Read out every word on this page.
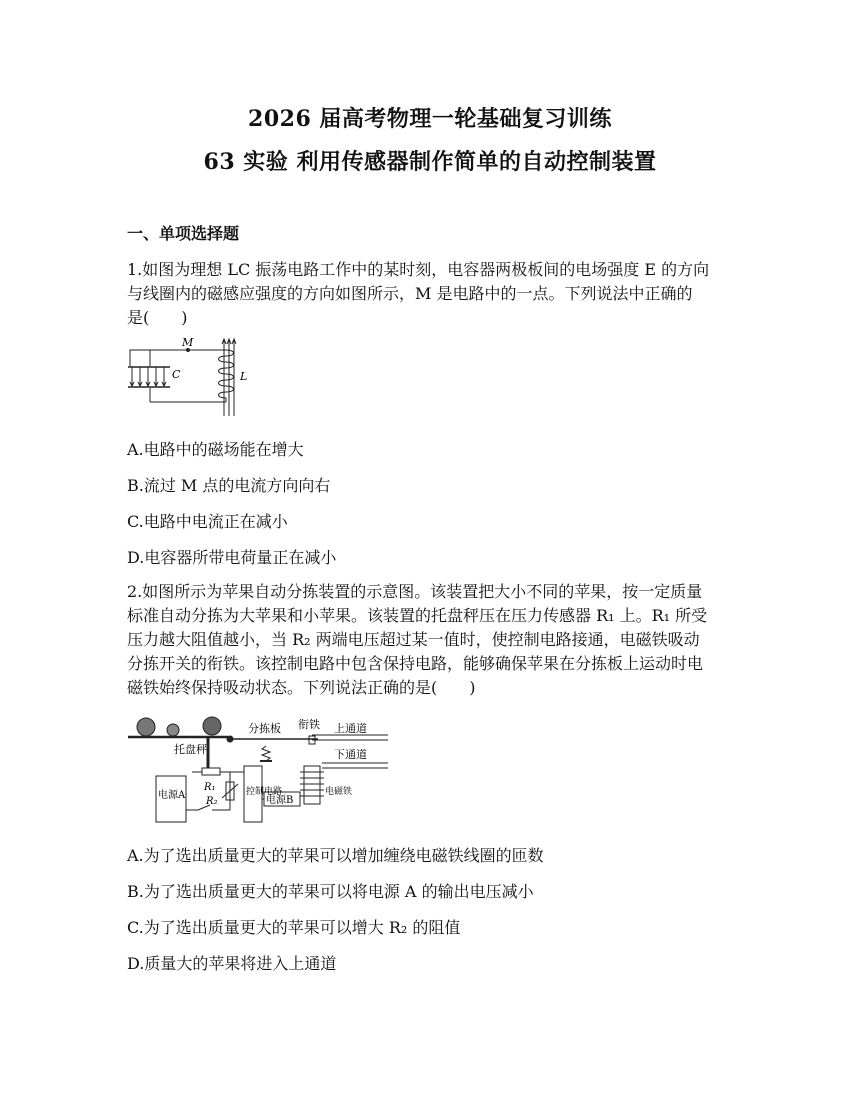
2026 届高考物理一轮基础复习训练
63 实验 利用传感器制作简单的自动控制装置
一、单项选择题
1.如图为理想 LC 振荡电路工作中的某时刻，电容器两极板间的电场强度 E 的方向
与线圈内的磁感应强度的方向如图所示，M 是电路中的一点。下列说法中正确的
是(　　)
M
C	L
A.电路中的磁场能在增大
B.流过 M 点的电流方向向右
C.电路中电流正在减小
D.电容器所带电荷量正在减小
2.如图所示为苹果自动分拣装置的示意图。该装置把大小不同的苹果，按一定质量
标准自动分拣为大苹果和小苹果。该装置的托盘秤压在压力传感器 R₁ 上。R₁ 所受
压力越大阻值越小，当 R₂ 两端电压超过某一值时，使控制电路接通，电磁铁吸动
分拣开关的衔铁。该控制电路中包含保持电路，能够确保苹果在分拣板上运动时电
磁铁始终保持吸动状态。下列说法正确的是(　　)
分拣板 衔铁 上通道
下通道
托盘秤
电源A
R₁
R₂
控制电路
电源B
电磁铁
A.为了选出质量更大的苹果可以增加缠绕电磁铁线圈的匝数
B.为了选出质量更大的苹果可以将电源 A 的输出电压减小
C.为了选出质量更大的苹果可以增大 R₂ 的阻值
D.质量大的苹果将进入上通道
